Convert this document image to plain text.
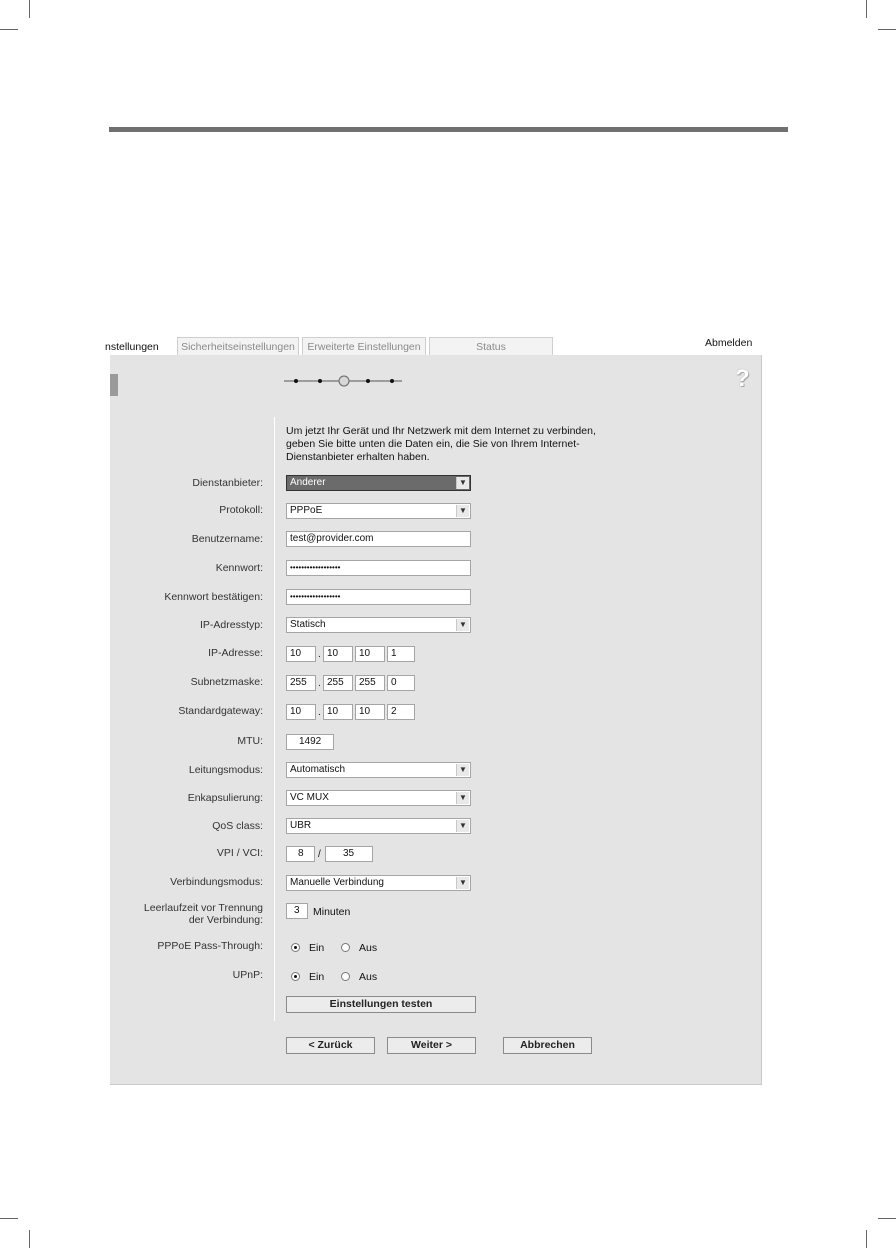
nstellungen	Sicherheitseinstellungen	Erweiterte Einstellungen	Status	Abmelden
?

Um jetzt Ihr Gerät und Ihr Netzwerk mit dem Internet zu verbinden, geben Sie bitte unten die Daten ein, die Sie von Ihrem Internet-Dienstanbieter erhalten haben.

Dienstanbieter:	Anderer	▼
Protokoll:	PPPoE	▼
Benutzername:	test@provider.com
Kennwort:	••••••••••••••••••
Kennwort bestätigen:	••••••••••••••••••
IP-Adresstyp:	Statisch	▼
IP-Adresse:	10	. 10	10	1
Subnetzmaske:	255	. 255	255	0
Standardgateway:	10	. 10	10	2
MTU:	1492
Leitungsmodus:	Automatisch	▼
Enkapsulierung:	VC MUX	▼
QoS class:	UBR	▼
VPI / VCI:	8	/	35
Verbindungsmodus:	Manuelle Verbindung	▼
Leerlaufzeit vor Trennung
der Verbindung:
3	Minuten
PPPoE Pass-Through:	Ein	Aus
UPnP:	Ein	Aus
Einstellungen testen
< Zurück	Weiter >	Abbrechen
